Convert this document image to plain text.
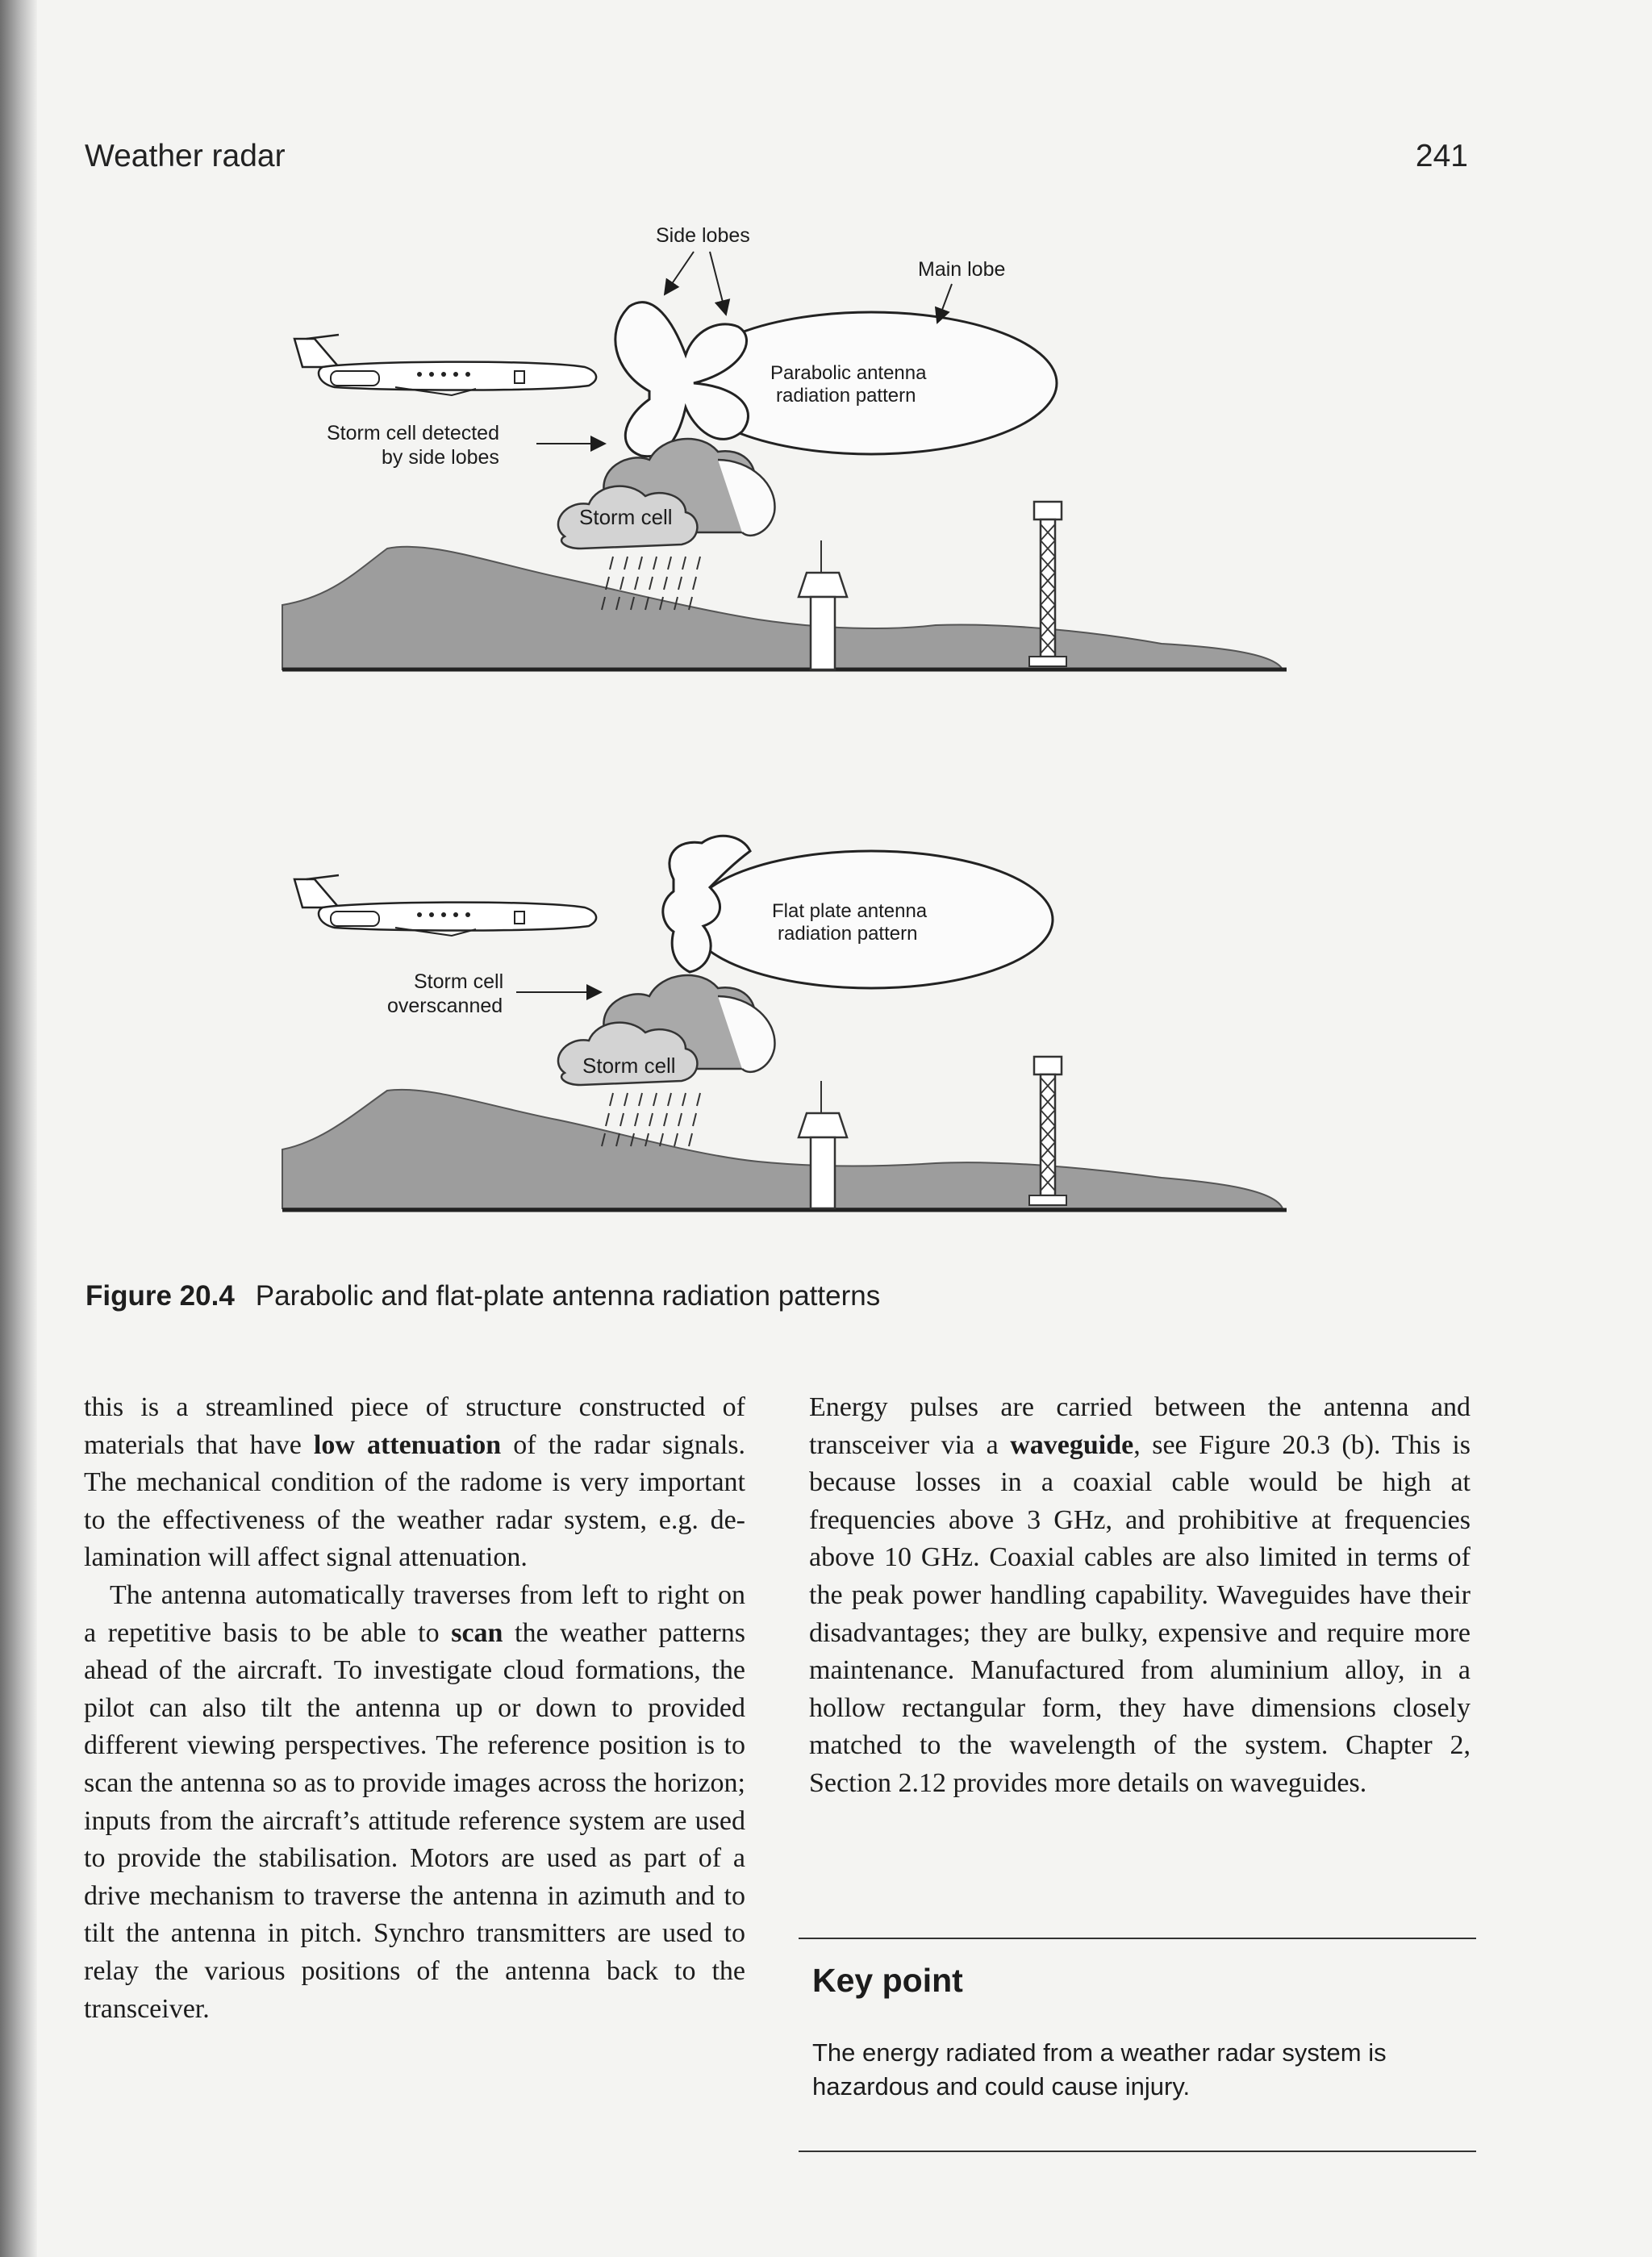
Weather radar	241
Side lobes
Main lobe
Parabolic antenna
radiation pattern
Storm cell detected
by side lobes
Storm cell
Flat plate antenna
radiation pattern
Storm cell
overscanned
Storm cell
Figure 20.4 Parabolic and flat-plate antenna radiation patterns

this is a streamlined piece of structure constructed of materials that have low attenuation of the radar signals. The mechanical condition of the radome is very important to the effectiveness of the weather radar system, e.g. de-lamination will affect signal attenuation.

The antenna automatically traverses from left to right on a repetitive basis to be able to scan the weather patterns ahead of the aircraft. To investigate cloud formations, the pilot can also tilt the antenna up or down to provided different viewing perspectives. The reference position is to scan the antenna so as to provide images across the horizon; inputs from the aircraft’s attitude reference system are used to provide the stabilisation. Motors are used as part of a drive mechanism to traverse the antenna in azimuth and to tilt the antenna in pitch. Synchro transmitters are used to relay the various positions of the antenna back to the transceiver.

Energy pulses are carried between the antenna and transceiver via a waveguide, see Figure 20.3 (b). This is because losses in a coaxial cable would be high at frequencies above 3 GHz, and prohibitive at frequencies above 10 GHz. Coaxial cables are also limited in terms of the peak power handling capability. Waveguides have their disadvantages; they are bulky, expensive and require more maintenance. Manufactured from aluminium alloy, in a hollow rectangular form, they have dimensions closely matched to the wavelength of the system. Chapter 2, Section 2.12 provides more details on waveguides.

Key point
The energy radiated from a weather radar system is hazardous and could cause injury.
